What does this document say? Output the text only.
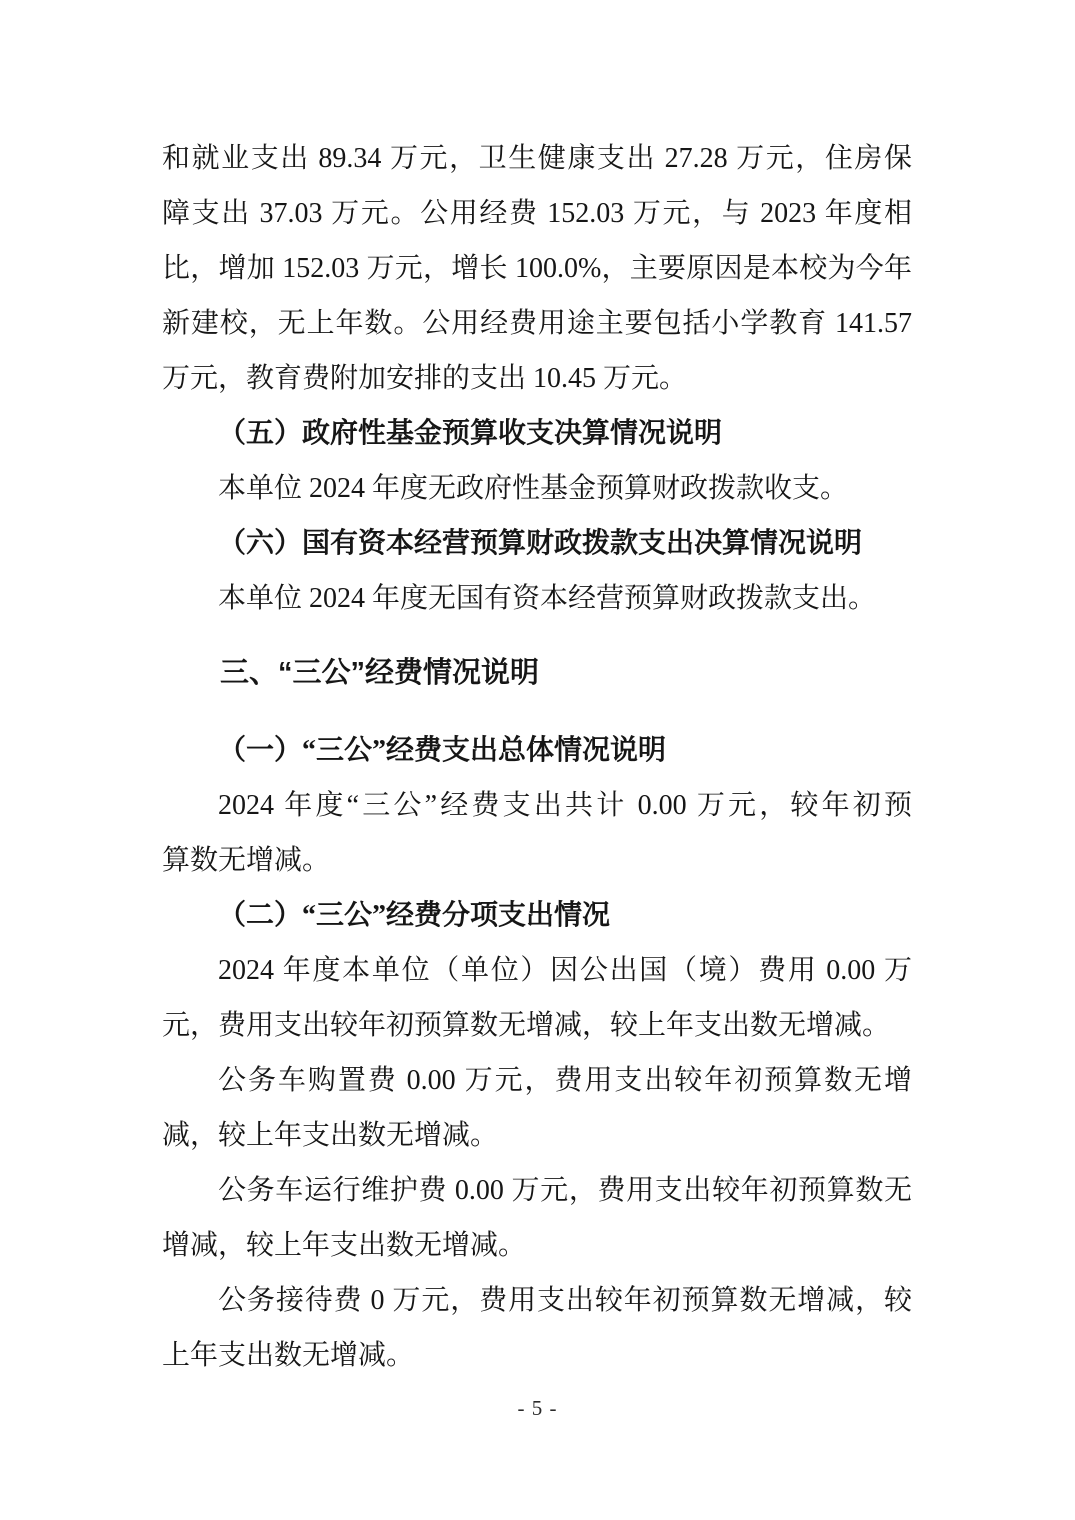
和就业支出 89.34 万元，卫生健康支出 27.28 万元，住房保
障支出 37.03 万元。公用经费 152.03 万元，与 2023 年度相
比，增加 152.03 万元，增长 100.0%，主要原因是本校为今年
新建校，无上年数。公用经费用途主要包括小学教育 141.57
万元，教育费附加安排的支出 10.45 万元。
（五）政府性基金预算收支决算情况说明
本单位 2024 年度无政府性基金预算财政拨款收支。
（六）国有资本经营预算财政拨款支出决算情况说明
本单位 2024 年度无国有资本经营预算财政拨款支出。
三、“三公”经费情况说明
（一）“三公”经费支出总体情况说明
2024 年度“三公”经费支出共计 0.00 万元，较年初预
算数无增减。
（二）“三公”经费分项支出情况
2024 年度本单位（单位）因公出国（境）费用 0.00 万
元，费用支出较年初预算数无增减，较上年支出数无增减。
公务车购置费 0.00 万元，费用支出较年初预算数无增
减，较上年支出数无增减。
公务车运行维护费 0.00 万元，费用支出较年初预算数无
增减，较上年支出数无增减。
公务接待费 0 万元，费用支出较年初预算数无增减，较
上年支出数无增减。
- 5 -
